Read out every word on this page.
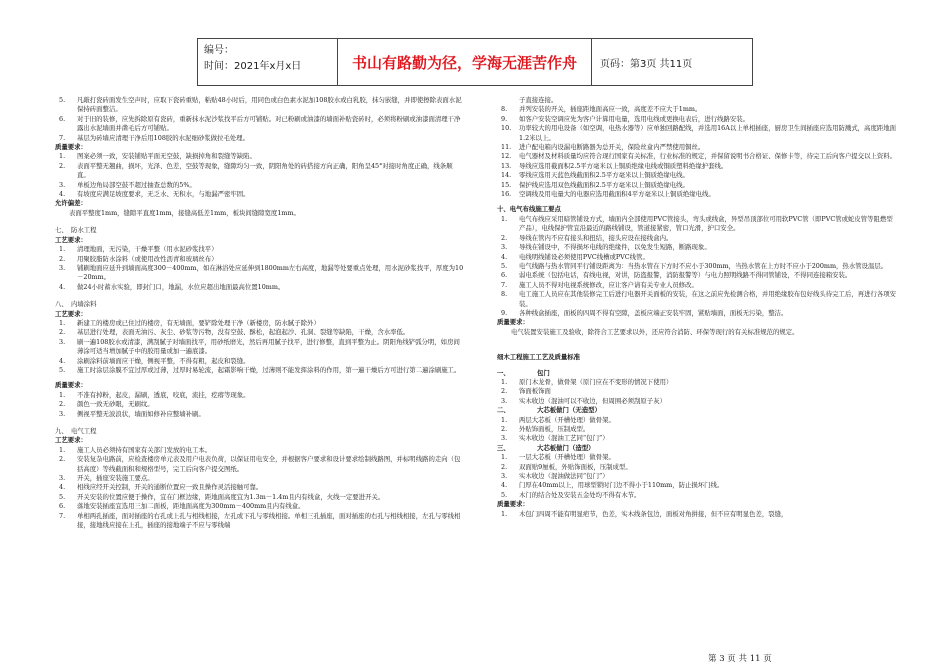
编号：
时间：2021年x月x日	书山有路勤为径，学海无涯苦作舟	页码：第3页 共11页
5.	凡敲打瓷砖面发生空声时，应取下瓷砖重贴，粘贴48小时后，用同色或白色素水泥加108胶水或白乳胶，抹匀嵌缝，并即使擦除表面水泥保持砖面整洁。
6.	对于旧的装修，应先拆除原有瓷砖，重新抹水泥沙浆找平后方可铺贴。对已粉刷或油漆的墙面补贴瓷砖时，必须将粉刷或油漆面清理干净露出水泥墙面并凿毛后方可铺贴。
7.	基层为砖墙应清理干净后用108胶的水泥细砂浆做拉毛处理。
质量要求：
1.	图案必须一致，安装铺贴平面无空鼓，缺损掉角和裂缝等缺陷。
2.	表面平整无翘曲，损坏，光泽、色差，空鼓等现象，缝隙均匀一致，阴阳角处的砖搭接方向正确，阳角呈45°对接时角度正确，线条顺直。
3.	单板边角局部空鼓不超过抽查总数的5%。
4.	有坡度应满足坡度要求，无乏水、无积水，与地漏严密牢固。
允许偏差：
表面平整度1mm，缝隙平直度1mm，接缝高低差1mm，板块间缝隙宽度1mm。
七、　防水工程
工艺要求：
1.	清理地面，无污染，干燥平整（用水泥砂浆找平）
2.	用聚胶脂防水涂料（或使用改性沥青和玻璃丝布）
3.	铺刷地面应延升到墙面高度300－400mm，如在淋浴处应延伸到1800mm左右高度，地漏等处要重点处理，用水泥砂浆找平，厚度为10－20mm。
4.	做24小时蓄水实验，即封门口，地漏，水位应超出地面最高位置10mm。
八、　内墙涂料
工艺要求：
1.	新建工的楼房或已住过的楼房，有无墙面，要铲除处理干净（新楼房，防水腻子除外）
2.	基层进行处理，表面无油污、灰尘、砂浆等污物，没有空鼓、酥松，起泡起沙、孔洞、裂缝等缺陷，干燥，含水率低。
3.	刷一遍108胶水或清漆，满刮腻子对墙面找平，用砂纸磨光，然后再用腻子找平，进行修整，直到平整为止。阴阳角线铲弧分明，如房间薄涂可适当增加腻子中的胶用量或加一遍底漆。
4.	涂刷涂料前墙面应干燥，侧视平整，不得有粗，起皮和裂缝。
5.	施工时涂层涂膜不宜过厚或过薄，过厚时易轮流，起霜影响干燥，过薄则不能发挥涂料的作用，第一遍干燥后方可进行第二遍涂刷施工。
质量要求：
1.	不准有掉粉，起皮，漏刷，透底，咬底，流挂，疙瘩等现象。
2.	颜色一致无砂眼，无刷纹。
3.	侧视平整无波浪状，墙面如修补应整墙补刷。
九、　电气工程
工艺要求：
1.	施工人员必须持有国家有关部门发放的电工本。
2.	安装复杂电路前，应检查楼房单元表及用户电表负荷，以保证用电安全，并根据客户要求和设计要求绘制线路图，并标明线路的走向（包括高度）等线截面积和规格型号，完工后向客户提交图纸。
3.	开关，插座安装施工要点。
4.	相线应经开关控制，开关的通断位置应一致且操作灵活接触可靠。
5.	开关安装的位置应便于操作，宜在门框边缘，距地面高度宜为1.3m－1.4m且内有线盒，火线一定要进开关。
6.	落地安装插座宜选用三加二面板，距地面高度为300mm－400mm且内有线盒。
7.	单相两孔插座，面对插座的右孔或上孔与相线相接，左孔或下孔与零线相接。单相三孔插座，面对插座的右孔与相线相接，左孔与零线相接，接地线应接在上孔，插座的接地端子不应与零线端
子直接连接。
8.	并列安装的开关，插座距地面高应一致，高度差不应大于1mm。
9.	如客户安装空调应先为客户计算用电量，选用电线或更换电表后，进行线路安装。
10.	功率较大的用电设备（如空调，电热水器等）应单独回路配线，并选用16A以上单相插座，厨房卫生间插座应选用防溅式，高度距地面1.2米以上。
11.	进户配电箱内设漏电断路器为总开关，保险丝盒内严禁使用铜丝。
12.	电气器材及材料质量均应符合现行国家有关标准，行业标准的规定，并保留说明书合格证、保修卡等，待完工后向客户提交以上资料。
13.	导线应选用截面积2.5平方毫米以上铜质绝缘电线或铜质塑料绝缘护套线。
14.	零线应选用天蓝色线截面积2.5平方毫米以上铜质绝缘电线。
15.	保护线应选用双色线截面积2.5平方毫米以上铜质绝缘电线。
16.	空调线及用电量大的电器应选用截面积4平方毫米以上铜质绝缘电线。
十、电气布线施工要点
1.	电气布线应采用暗管铺设方式，墙面内全部使用PVC管接头，弯头或线盒，异型吊顶部位可用软PVC管（即PVC管或蛇皮管等阻燃型产品），电线保护管宜沿最近的路线铺设，管道接紧密，管口光滑，护口安全。
2.	导线在管内不应有接头和扭结，接头应设在接线盒内。
3.	导线在铺设中，不得损坏电线的绝缘件，以免发生短路，断路现象。
4.	电线明线铺设必须使用PVC线槽或PVC线管。
5.	电气线路与热水管同平行铺设距离为：当热水管在下方时不应小于300mm，当热水管在上方时不应小于200mm，热水管设温层。
6.	弱电系统（包括电话，有线电视，对讲，防盗报警，消防报警等）与电力照明线路不得同管铺设，不得同连接箱安装。
7.	施工人员不得对电视系统修改，应让客户请有关专业人员修改。
8.	电工施工人员应在其他装修完工后进行电器开关面板的安装，在这之前应先检测合格，并用绝缘胶布包好线头待完工后，再进行各项安装。
9.	各种线盒插座，面板的四周不得有空隙，盖板应端正安装牢固，紧贴墙面，面板无污染，整洁。
质量要求：
电气装置安装施工及验收，除符合工艺要求以外，还应符合消防、环保等现行的有关标准规范的规定。
细木工程施工工艺及质量标准
一、	包门
1.	原门木龙骨，做骨架（原门应在不变形的情况下使用）
2.	饰面板饰面
3.	实木收边（混油可以不收边，但周围必须刮原子灰）
二、	大芯板做门（无造型）
1.	两层大芯板（开槽处理）做骨架。
2.	外贴饰面板，压制成型。
3.	实木收边（混油工艺同“包门”）
三、	大芯板做门（造型）
1.	一层大芯板（开槽处理）做骨架。
2.	双面贴9厘板，外贴饰面板，压制成型。
3.	实木收边（混油做法同“包门”）
4.	门厚在40mm以上，用球型锁时门边不得小于110mm，防止损坏门线。
5.	木门的结合处及安装五金处均不得有木节。
质量要求：
1.	木包门四周不能有明显疤节，色差，实木线条包边，面板对角拼接，但不应有明显色差，裂缝，
第 3 页 共 11 页
